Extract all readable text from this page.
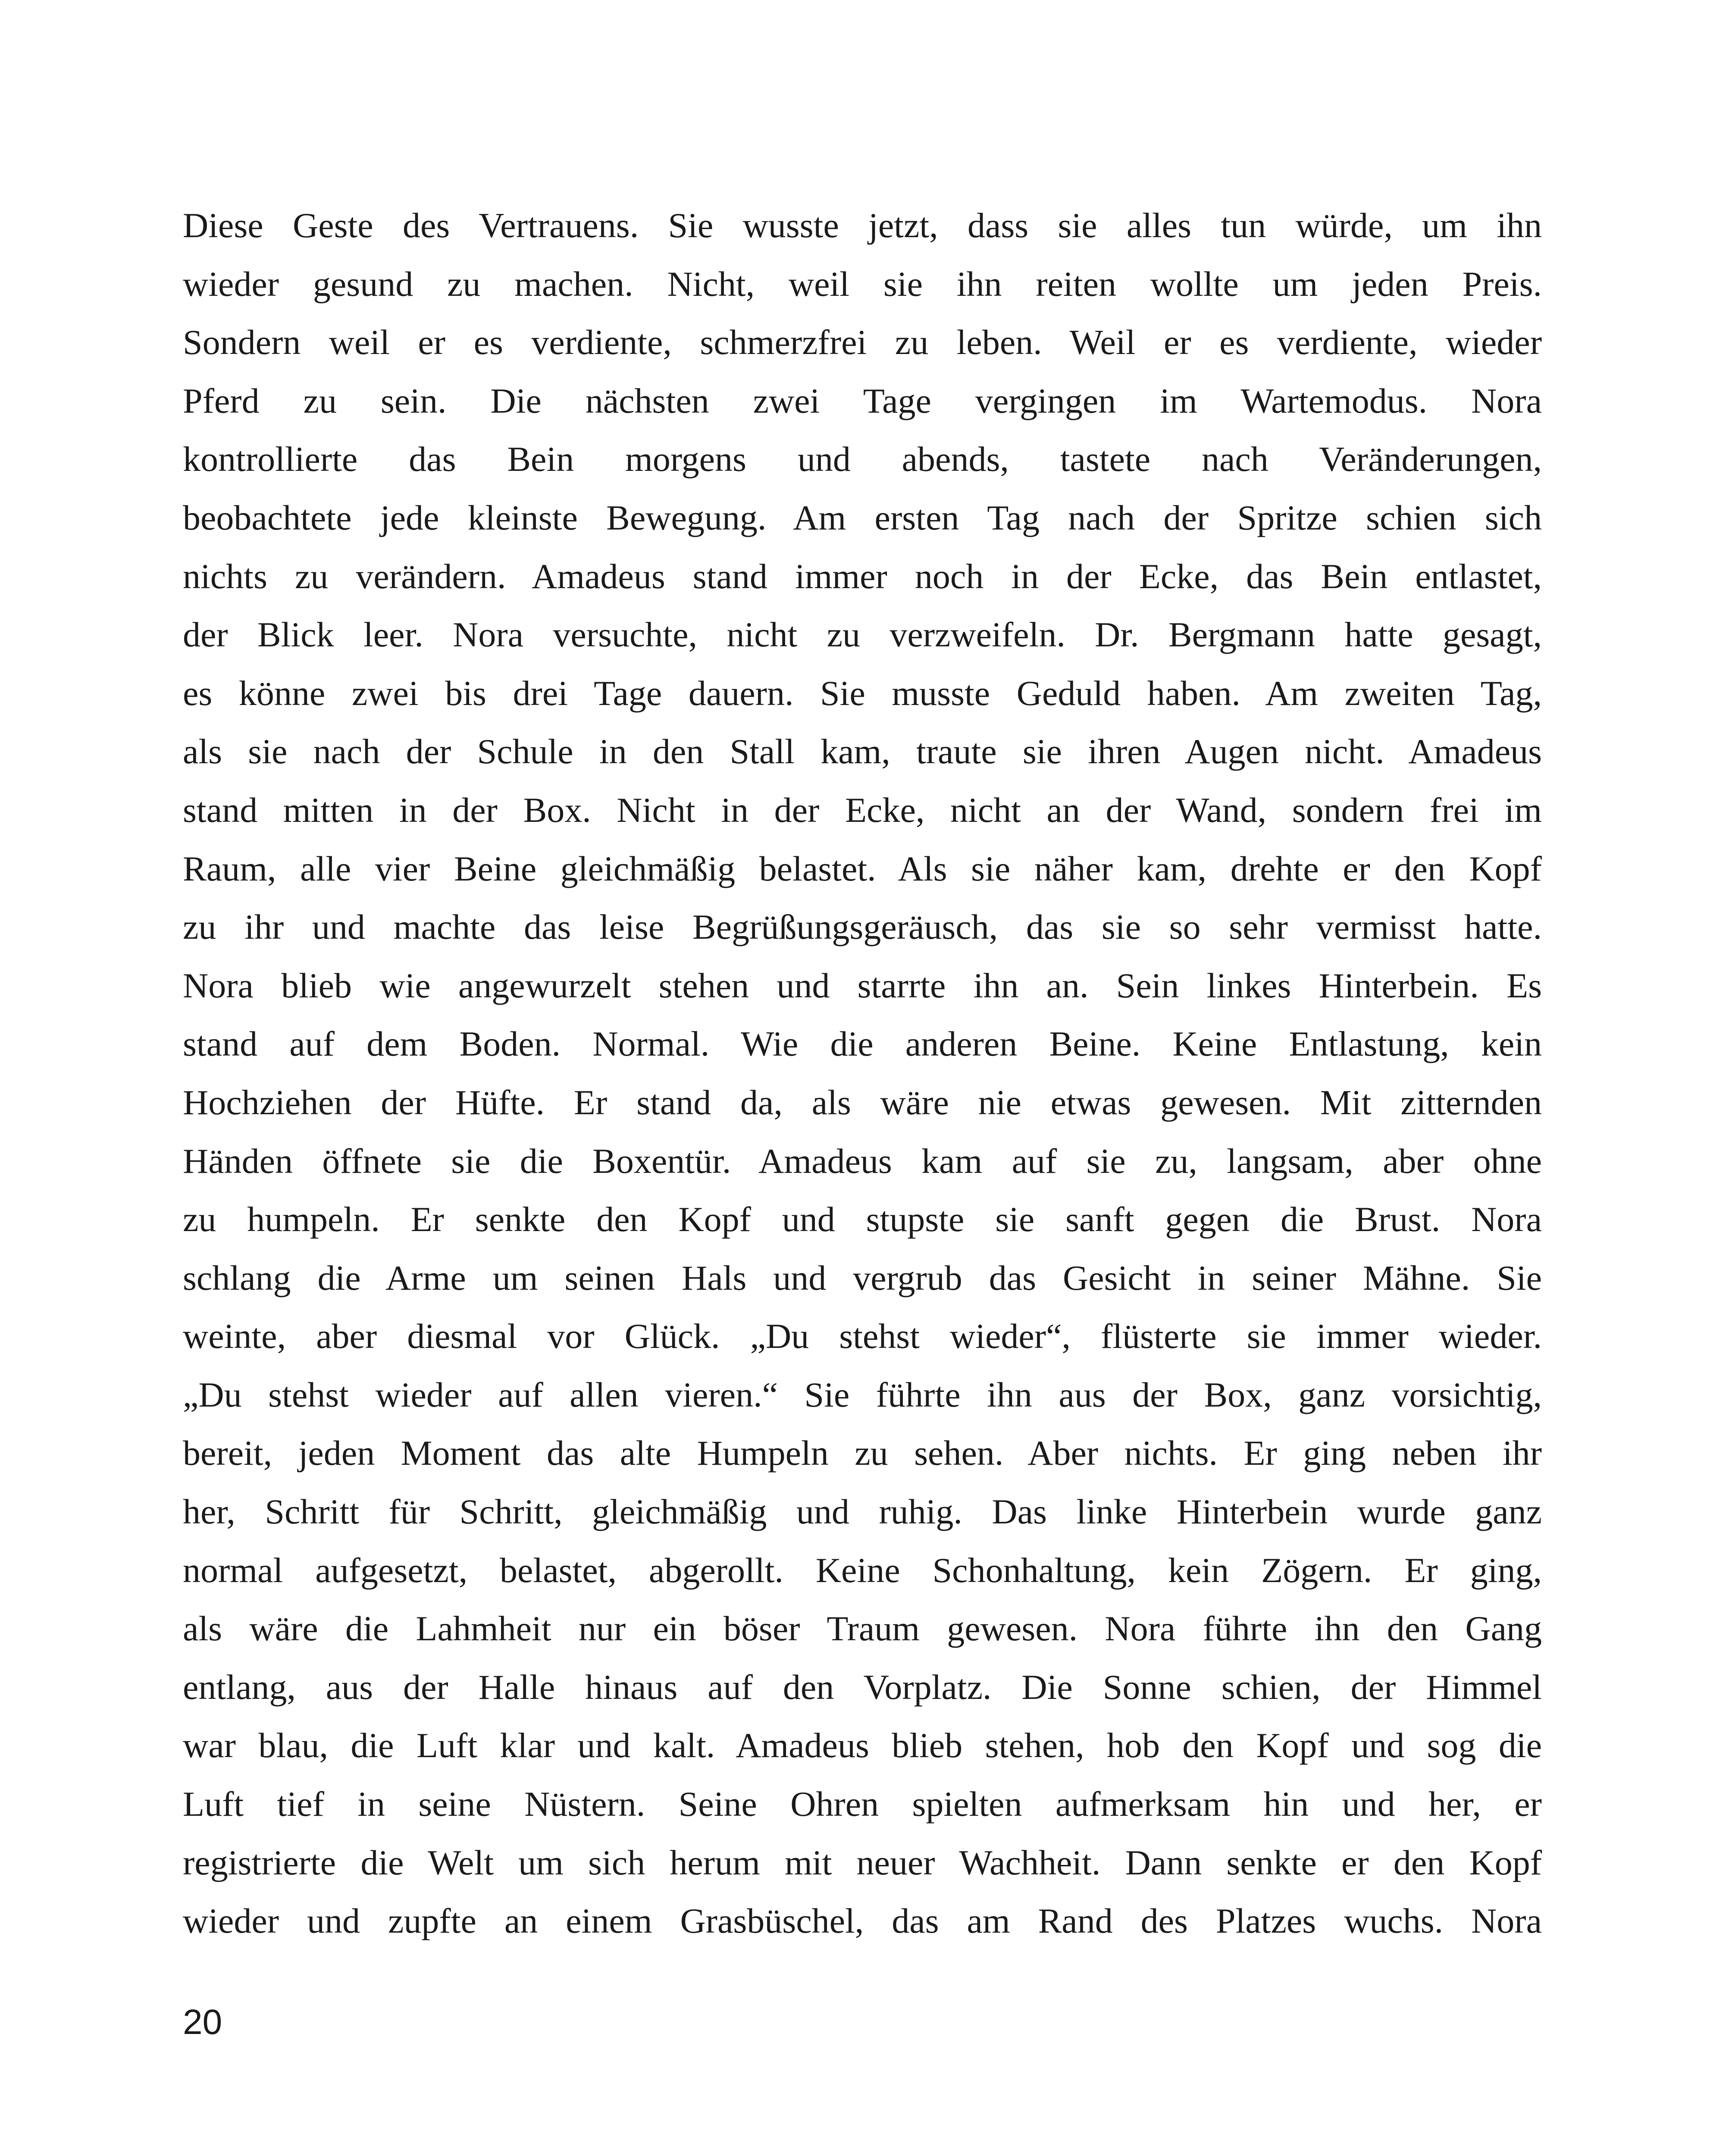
Diese Geste des Vertrauens. Sie wusste jetzt, dass sie alles tun würde, um ihn
wieder gesund zu machen. Nicht, weil sie ihn reiten wollte um jeden Preis.
Sondern weil er es verdiente, schmerzfrei zu leben. Weil er es verdiente, wieder
Pferd zu sein. Die nächsten zwei Tage vergingen im Wartemodus. Nora
kontrollierte das Bein morgens und abends, tastete nach Veränderungen,
beobachtete jede kleinste Bewegung. Am ersten Tag nach der Spritze schien sich
nichts zu verändern. Amadeus stand immer noch in der Ecke, das Bein entlastet,
der Blick leer. Nora versuchte, nicht zu verzweifeln. Dr. Bergmann hatte gesagt,
es könne zwei bis drei Tage dauern. Sie musste Geduld haben. Am zweiten Tag,
als sie nach der Schule in den Stall kam, traute sie ihren Augen nicht. Amadeus
stand mitten in der Box. Nicht in der Ecke, nicht an der Wand, sondern frei im
Raum, alle vier Beine gleichmäßig belastet. Als sie näher kam, drehte er den Kopf
zu ihr und machte das leise Begrüßungsgeräusch, das sie so sehr vermisst hatte.
Nora blieb wie angewurzelt stehen und starrte ihn an. Sein linkes Hinterbein. Es
stand auf dem Boden. Normal. Wie die anderen Beine. Keine Entlastung, kein
Hochziehen der Hüfte. Er stand da, als wäre nie etwas gewesen. Mit zitternden
Händen öffnete sie die Boxentür. Amadeus kam auf sie zu, langsam, aber ohne
zu humpeln. Er senkte den Kopf und stupste sie sanft gegen die Brust. Nora
schlang die Arme um seinen Hals und vergrub das Gesicht in seiner Mähne. Sie
weinte, aber diesmal vor Glück. „Du stehst wieder“, flüsterte sie immer wieder.
„Du stehst wieder auf allen vieren.“ Sie führte ihn aus der Box, ganz vorsichtig,
bereit, jeden Moment das alte Humpeln zu sehen. Aber nichts. Er ging neben ihr
her, Schritt für Schritt, gleichmäßig und ruhig. Das linke Hinterbein wurde ganz
normal aufgesetzt, belastet, abgerollt. Keine Schonhaltung, kein Zögern. Er ging,
als wäre die Lahmheit nur ein böser Traum gewesen. Nora führte ihn den Gang
entlang, aus der Halle hinaus auf den Vorplatz. Die Sonne schien, der Himmel
war blau, die Luft klar und kalt. Amadeus blieb stehen, hob den Kopf und sog die
Luft tief in seine Nüstern. Seine Ohren spielten aufmerksam hin und her, er
registrierte die Welt um sich herum mit neuer Wachheit. Dann senkte er den Kopf
wieder und zupfte an einem Grasbüschel, das am Rand des Platzes wuchs. Nora
20
